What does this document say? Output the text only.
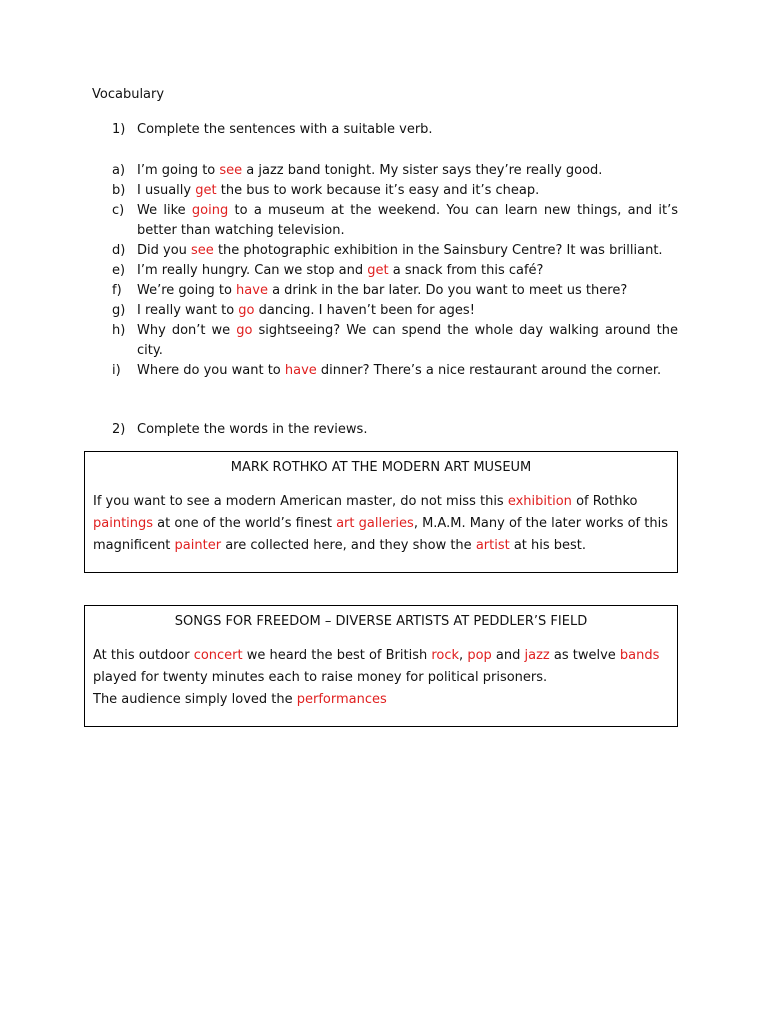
Vocabulary
1) Complete the sentences with a suitable verb.
a) I’m going to see a jazz band tonight. My sister says they’re really good.
b) I usually get the bus to work because it’s easy and it’s cheap.
c) We like going to a museum at the weekend. You can learn new things, and it’s better than watching television.
d) Did you see the photographic exhibition in the Sainsbury Centre? It was brilliant.
e) I’m really hungry. Can we stop and get a snack from this café?
f)	We’re going to have a drink in the bar later. Do you want to meet us there?
g) I really want to go dancing. I haven’t been for ages!
h) Why don’t we go sightseeing? We can spend the whole day walking around the city.
i)	Where do you want to have dinner? There’s a nice restaurant around the corner.
2) Complete the words in the reviews.
MARK ROTHKO AT THE MODERN ART MUSEUM
If you want to see a modern American master, do not miss this exhibition of Rothko paintings at one of the world’s finest art galleries, M.A.M. Many of the later works of this magnificent painter are collected here, and they show the artist at his best.
SONGS FOR FREEDOM – DIVERSE ARTISTS AT PEDDLER’S FIELD
At this outdoor concert we heard the best of British rock, pop and jazz as twelve bands played for twenty minutes each to raise money for political prisoners.
The audience simply loved the performances
